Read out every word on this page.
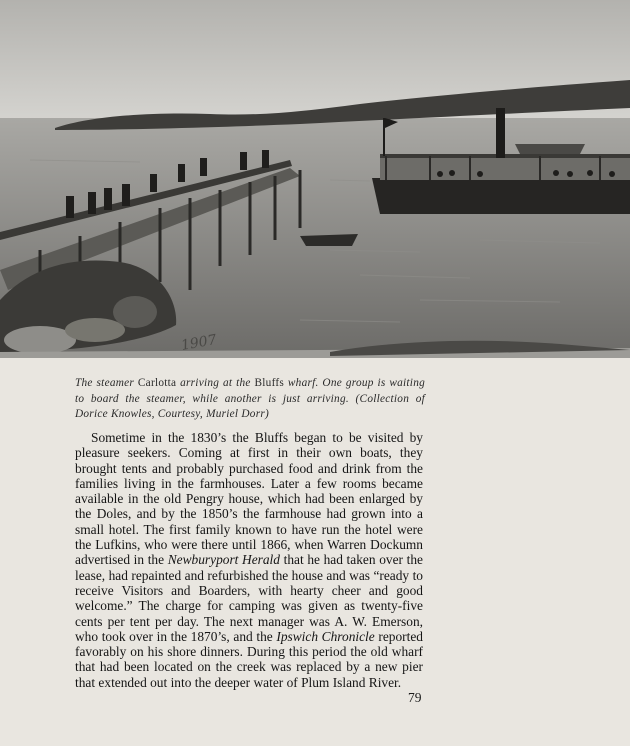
1907
The steamer Carlotta arriving at the Bluffs wharf. One group is waiting to board the steamer, while another is just arriving. (Collection of Dorice Knowles, Courtesy, Muriel Dorr)

Sometime in the 1830’s the Bluffs began to be visited by pleasure seekers. Coming at first in their own boats, they brought tents and probably purchased food and drink from the families living in the farmhouses. Later a few rooms became available in the old Pengry house, which had been enlarged by the Doles, and by the 1850’s the farmhouse had grown into a small hotel. The first family known to have run the hotel were the Lufkins, who were there until 1866, when Warren Dockumn advertised in the Newburyport Herald that he had taken over the lease, had repainted and refurbished the house and was “ready to receive Visitors and Boarders, with hearty cheer and good welcome.” The charge for camping was given as twenty-five cents per tent per day. The next manager was A. W. Emerson, who took over in the 1870’s, and the Ipswich Chronicle reported favorably on his shore dinners. During this period the old wharf that had been located on the creek was replaced by a new pier that extended out into the deeper water of Plum Island River.

79
